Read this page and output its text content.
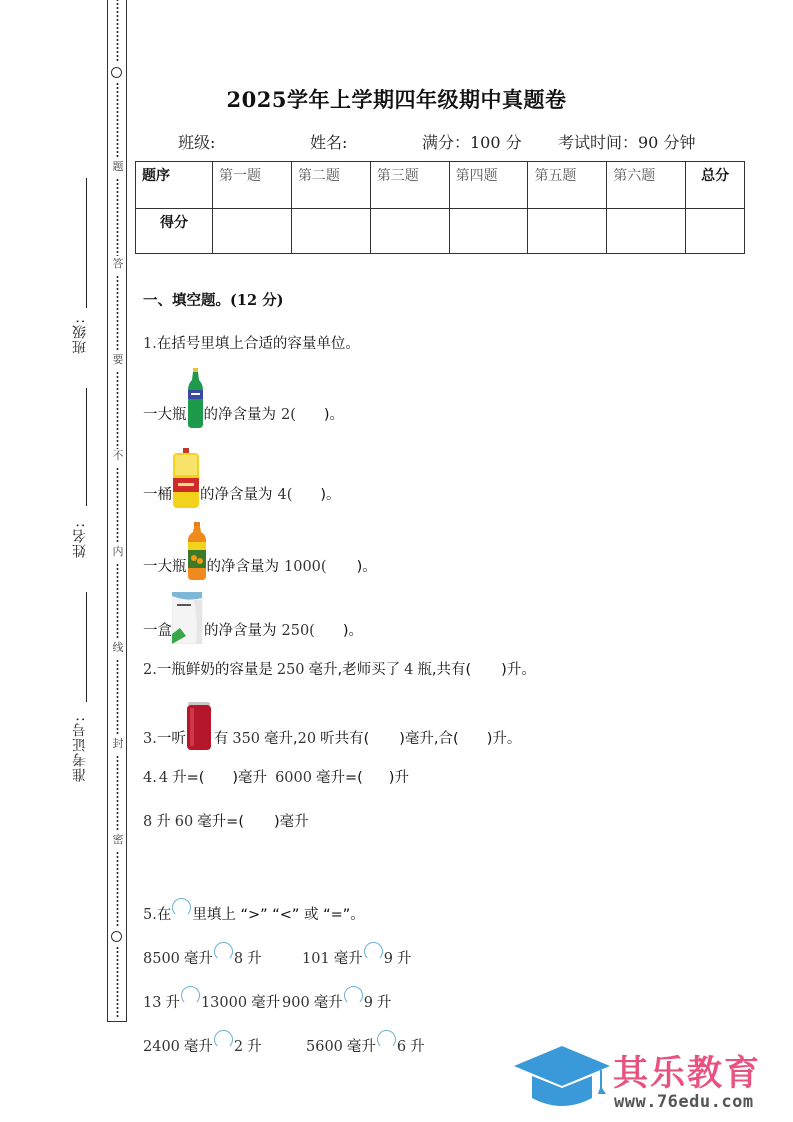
题
答
要
不
内
线
封
密
班级:
姓名:
准考证号:
2025学年上学期四年级期中真题卷
班级:	姓名:	满分：100 分 考试时间：90 分钟
题序	第一题	第二题	第三题	第四题	第五题	第六题	总分
得分							
一、填空题。(12 分)
1.在括号里填上合适的容量单位。
一大瓶 的净含量为 2( )。
一桶 的净含量为 4( )。
一大瓶 的净含量为 1000( )。
一盒 的净含量为 250( )。
2.一瓶鲜奶的容量是 250 毫升,老师买了 4 瓶,共有( )升。
3.一听 有 350 毫升,20 听共有( )毫升,合( )升。
4. 4 升=( )毫升 6000 毫升=( )升
8 升 60 毫升=( )毫升
5.在 里填上 “>” “<” 或 “=”。
8500 毫升 8 升	101 毫升 9 升
13 升 13000 毫升 900 毫升 9 升
2400 毫升 2 升	5600 毫升 6 升
其乐教育
www.76edu.com
